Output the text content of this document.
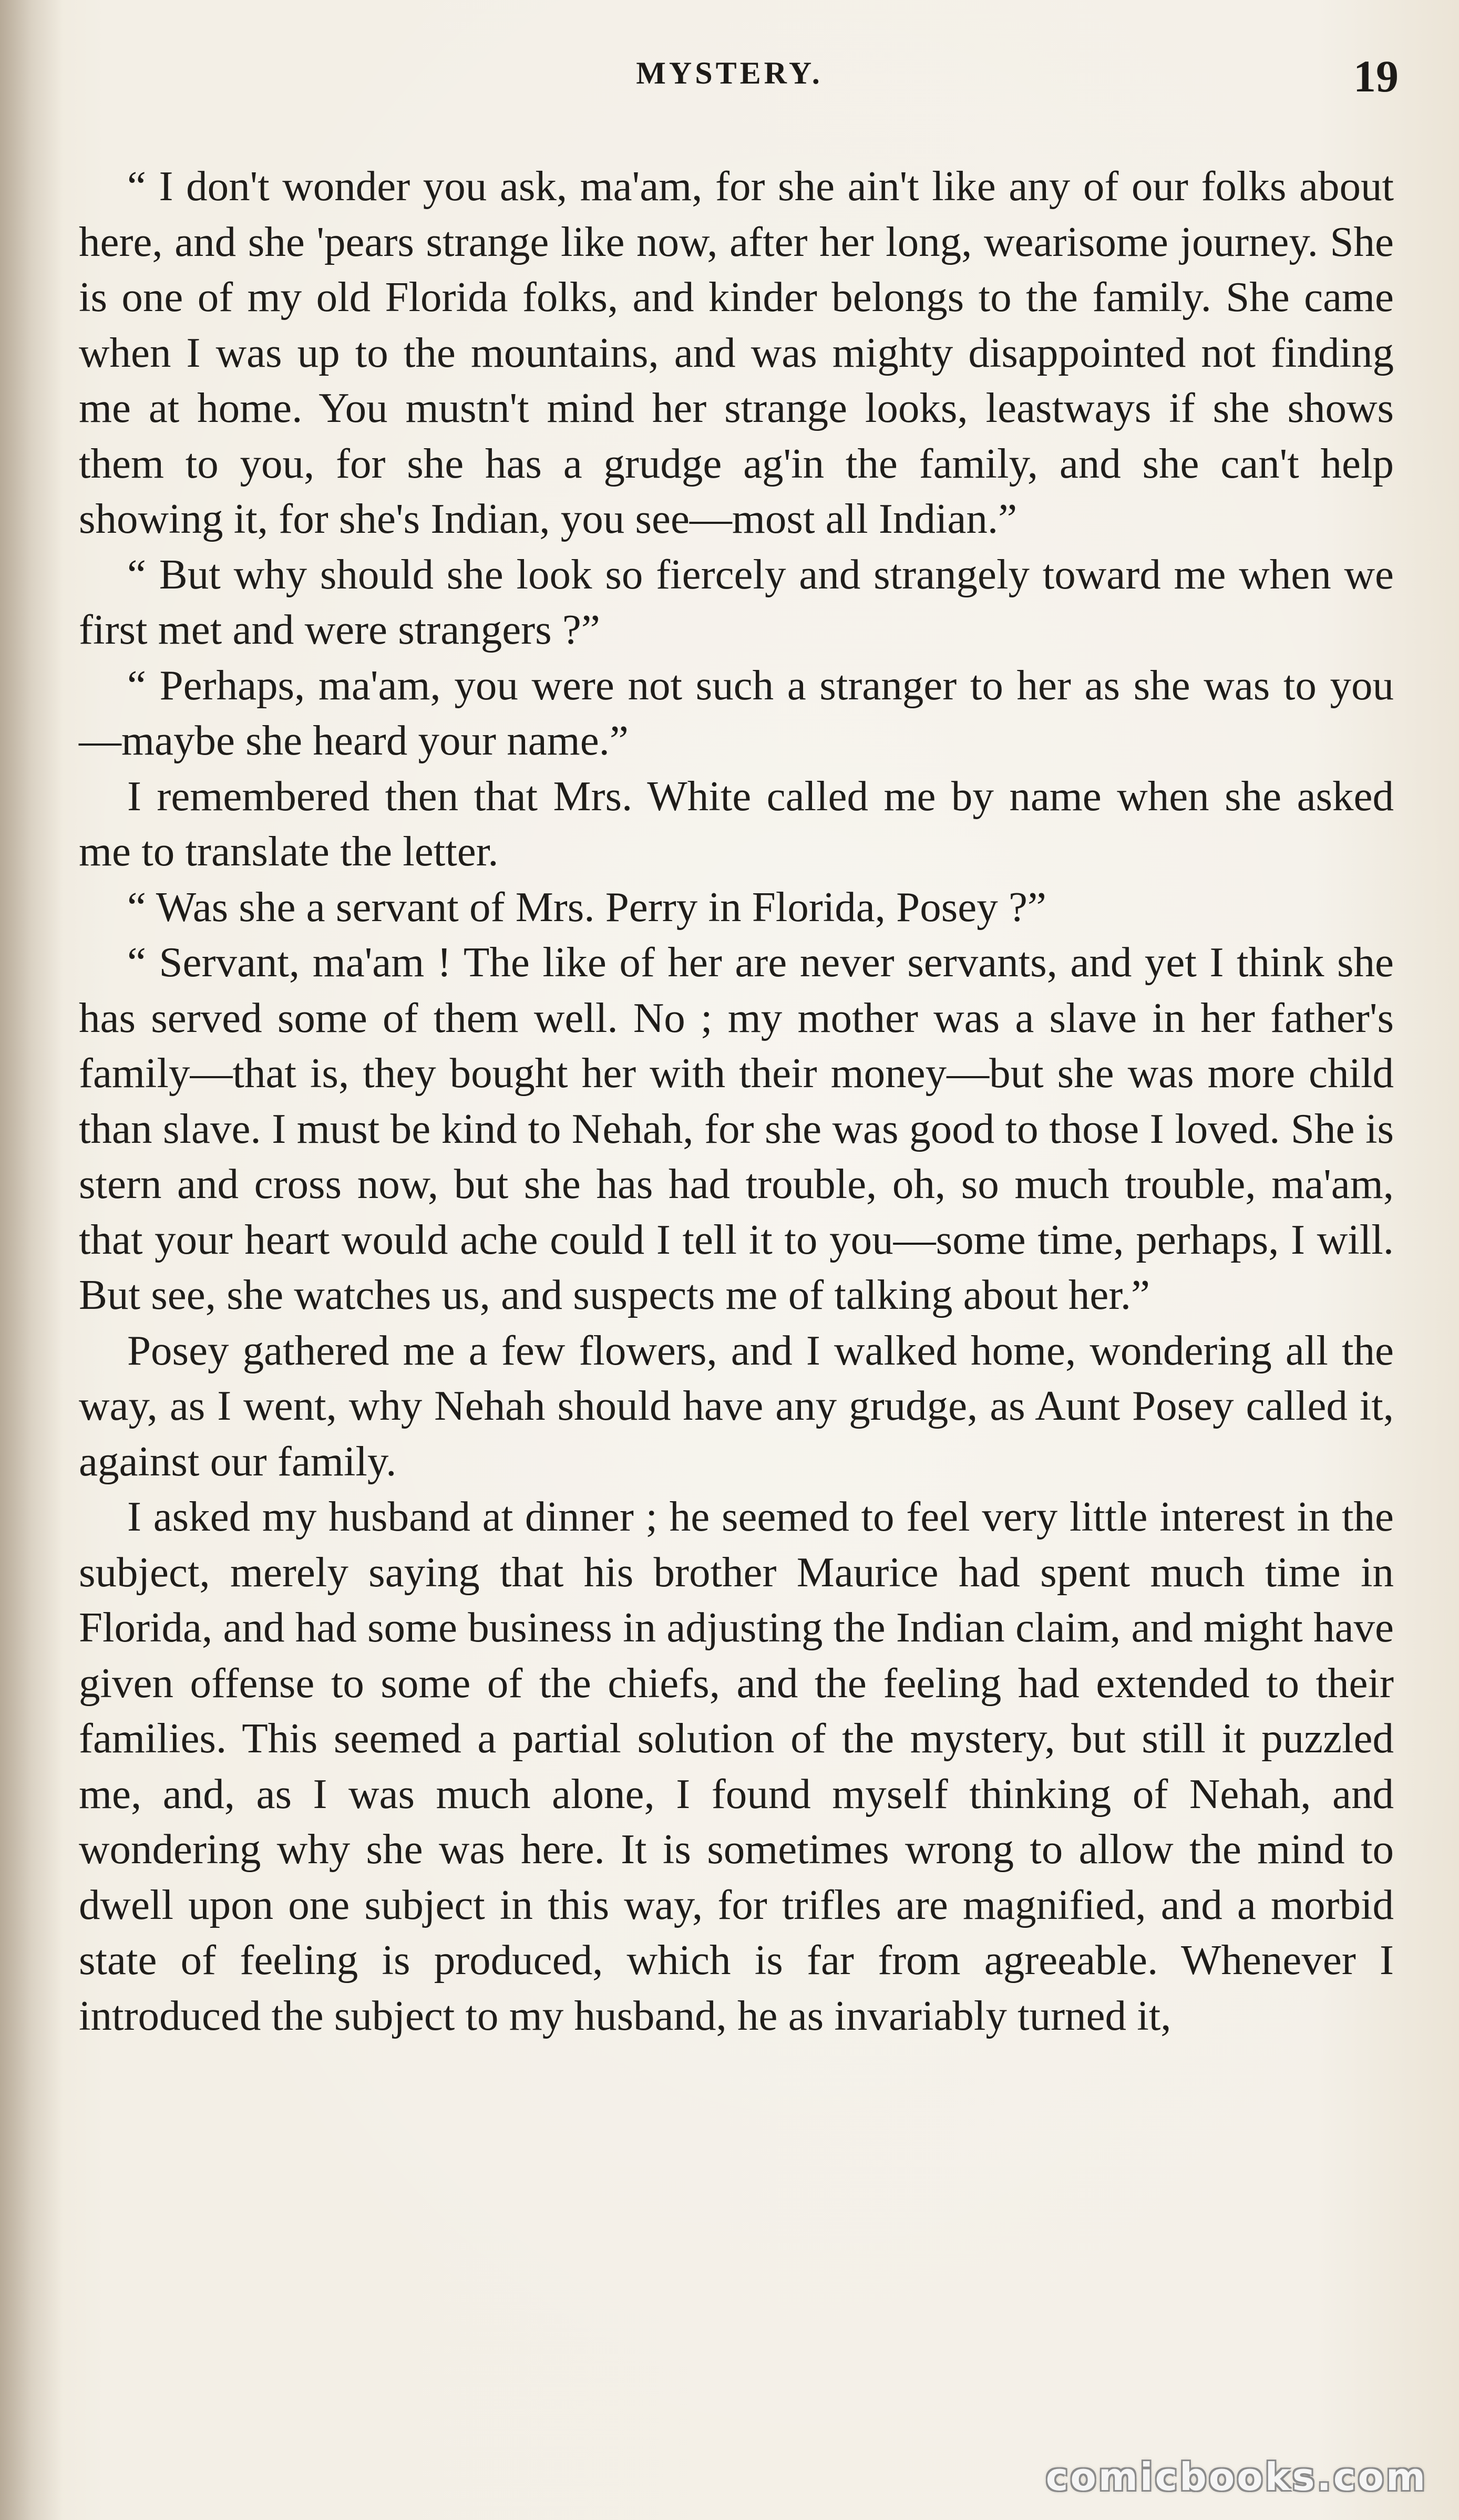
MYSTERY.	19

“ I don't wonder you ask, ma'am, for she ain't like any of our folks about here, and she 'pears strange like now, after her long, wearisome journey. She is one of my old Florida folks, and kinder belongs to the family. She came when I was up to the mountains, and was mighty disappointed not finding me at home. You mustn't mind her strange looks, leastways if she shows them to you, for she has a grudge ag'in the family, and she can't help showing it, for she's Indian, you see—most all Indian.”

“ But why should she look so fiercely and strangely toward me when we first met and were strangers ?”

“ Perhaps, ma'am, you were not such a stranger to her as she was to you—maybe she heard your name.”

I remembered then that Mrs. White called me by name when she asked me to translate the letter.

“ Was she a servant of Mrs. Perry in Florida, Posey ?”

“ Servant, ma'am ! The like of her are never servants, and yet I think she has served some of them well. No ; my mother was a slave in her father's family—that is, they bought her with their money—but she was more child than slave. I must be kind to Nehah, for she was good to those I loved. She is stern and cross now, but she has had trouble, oh, so much trouble, ma'am, that your heart would ache could I tell it to you—some time, perhaps, I will. But see, she watches us, and suspects me of talking about her.”

Posey gathered me a few flowers, and I walked home, wondering all the way, as I went, why Nehah should have any grudge, as Aunt Posey called it, against our family.

I asked my husband at dinner ; he seemed to feel very little interest in the subject, merely saying that his brother Maurice had spent much time in Florida, and had some business in adjusting the Indian claim, and might have given offense to some of the chiefs, and the feeling had extended to their families. This seemed a partial solution of the mystery, but still it puzzled me, and, as I was much alone, I found myself thinking of Nehah, and wondering why she was here. It is sometimes wrong to allow the mind to dwell upon one subject in this way, for trifles are magnified, and a morbid state of feeling is produced, which is far from agreeable. Whenever I introduced the subject to my husband, he as invariably turned it,

comicbooks.com
